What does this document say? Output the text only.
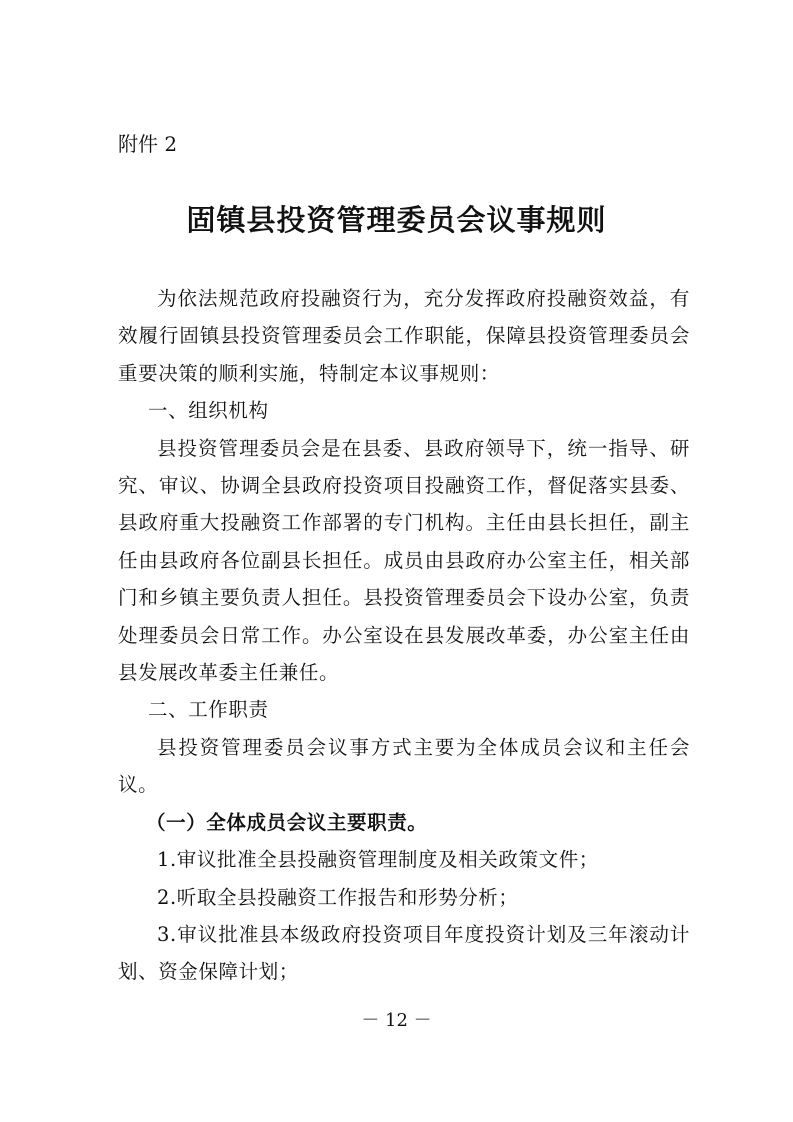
附件 2
固镇县投资管理委员会议事规则

为依法规范政府投融资行为，充分发挥政府投融资效益，有效履行固镇县投资管理委员会工作职能，保障县投资管理委员会重要决策的顺利实施，特制定本议事规则：

一、组织机构

县投资管理委员会是在县委、县政府领导下，统一指导、研究、审议、协调全县政府投资项目投融资工作，督促落实县委、县政府重大投融资工作部署的专门机构。主任由县长担任，副主任由县政府各位副县长担任。成员由县政府办公室主任，相关部门和乡镇主要负责人担任。县投资管理委员会下设办公室，负责处理委员会日常工作。办公室设在县发展改革委，办公室主任由县发展改革委主任兼任。

二、工作职责

县投资管理委员会议事方式主要为全体成员会议和主任会议。

（一）全体成员会议主要职责。

1.审议批准全县投融资管理制度及相关政策文件；

2.听取全县投融资工作报告和形势分析；

3.审议批准县本级政府投资项目年度投资计划及三年滚动计划、资金保障计划；

－ 12 －
